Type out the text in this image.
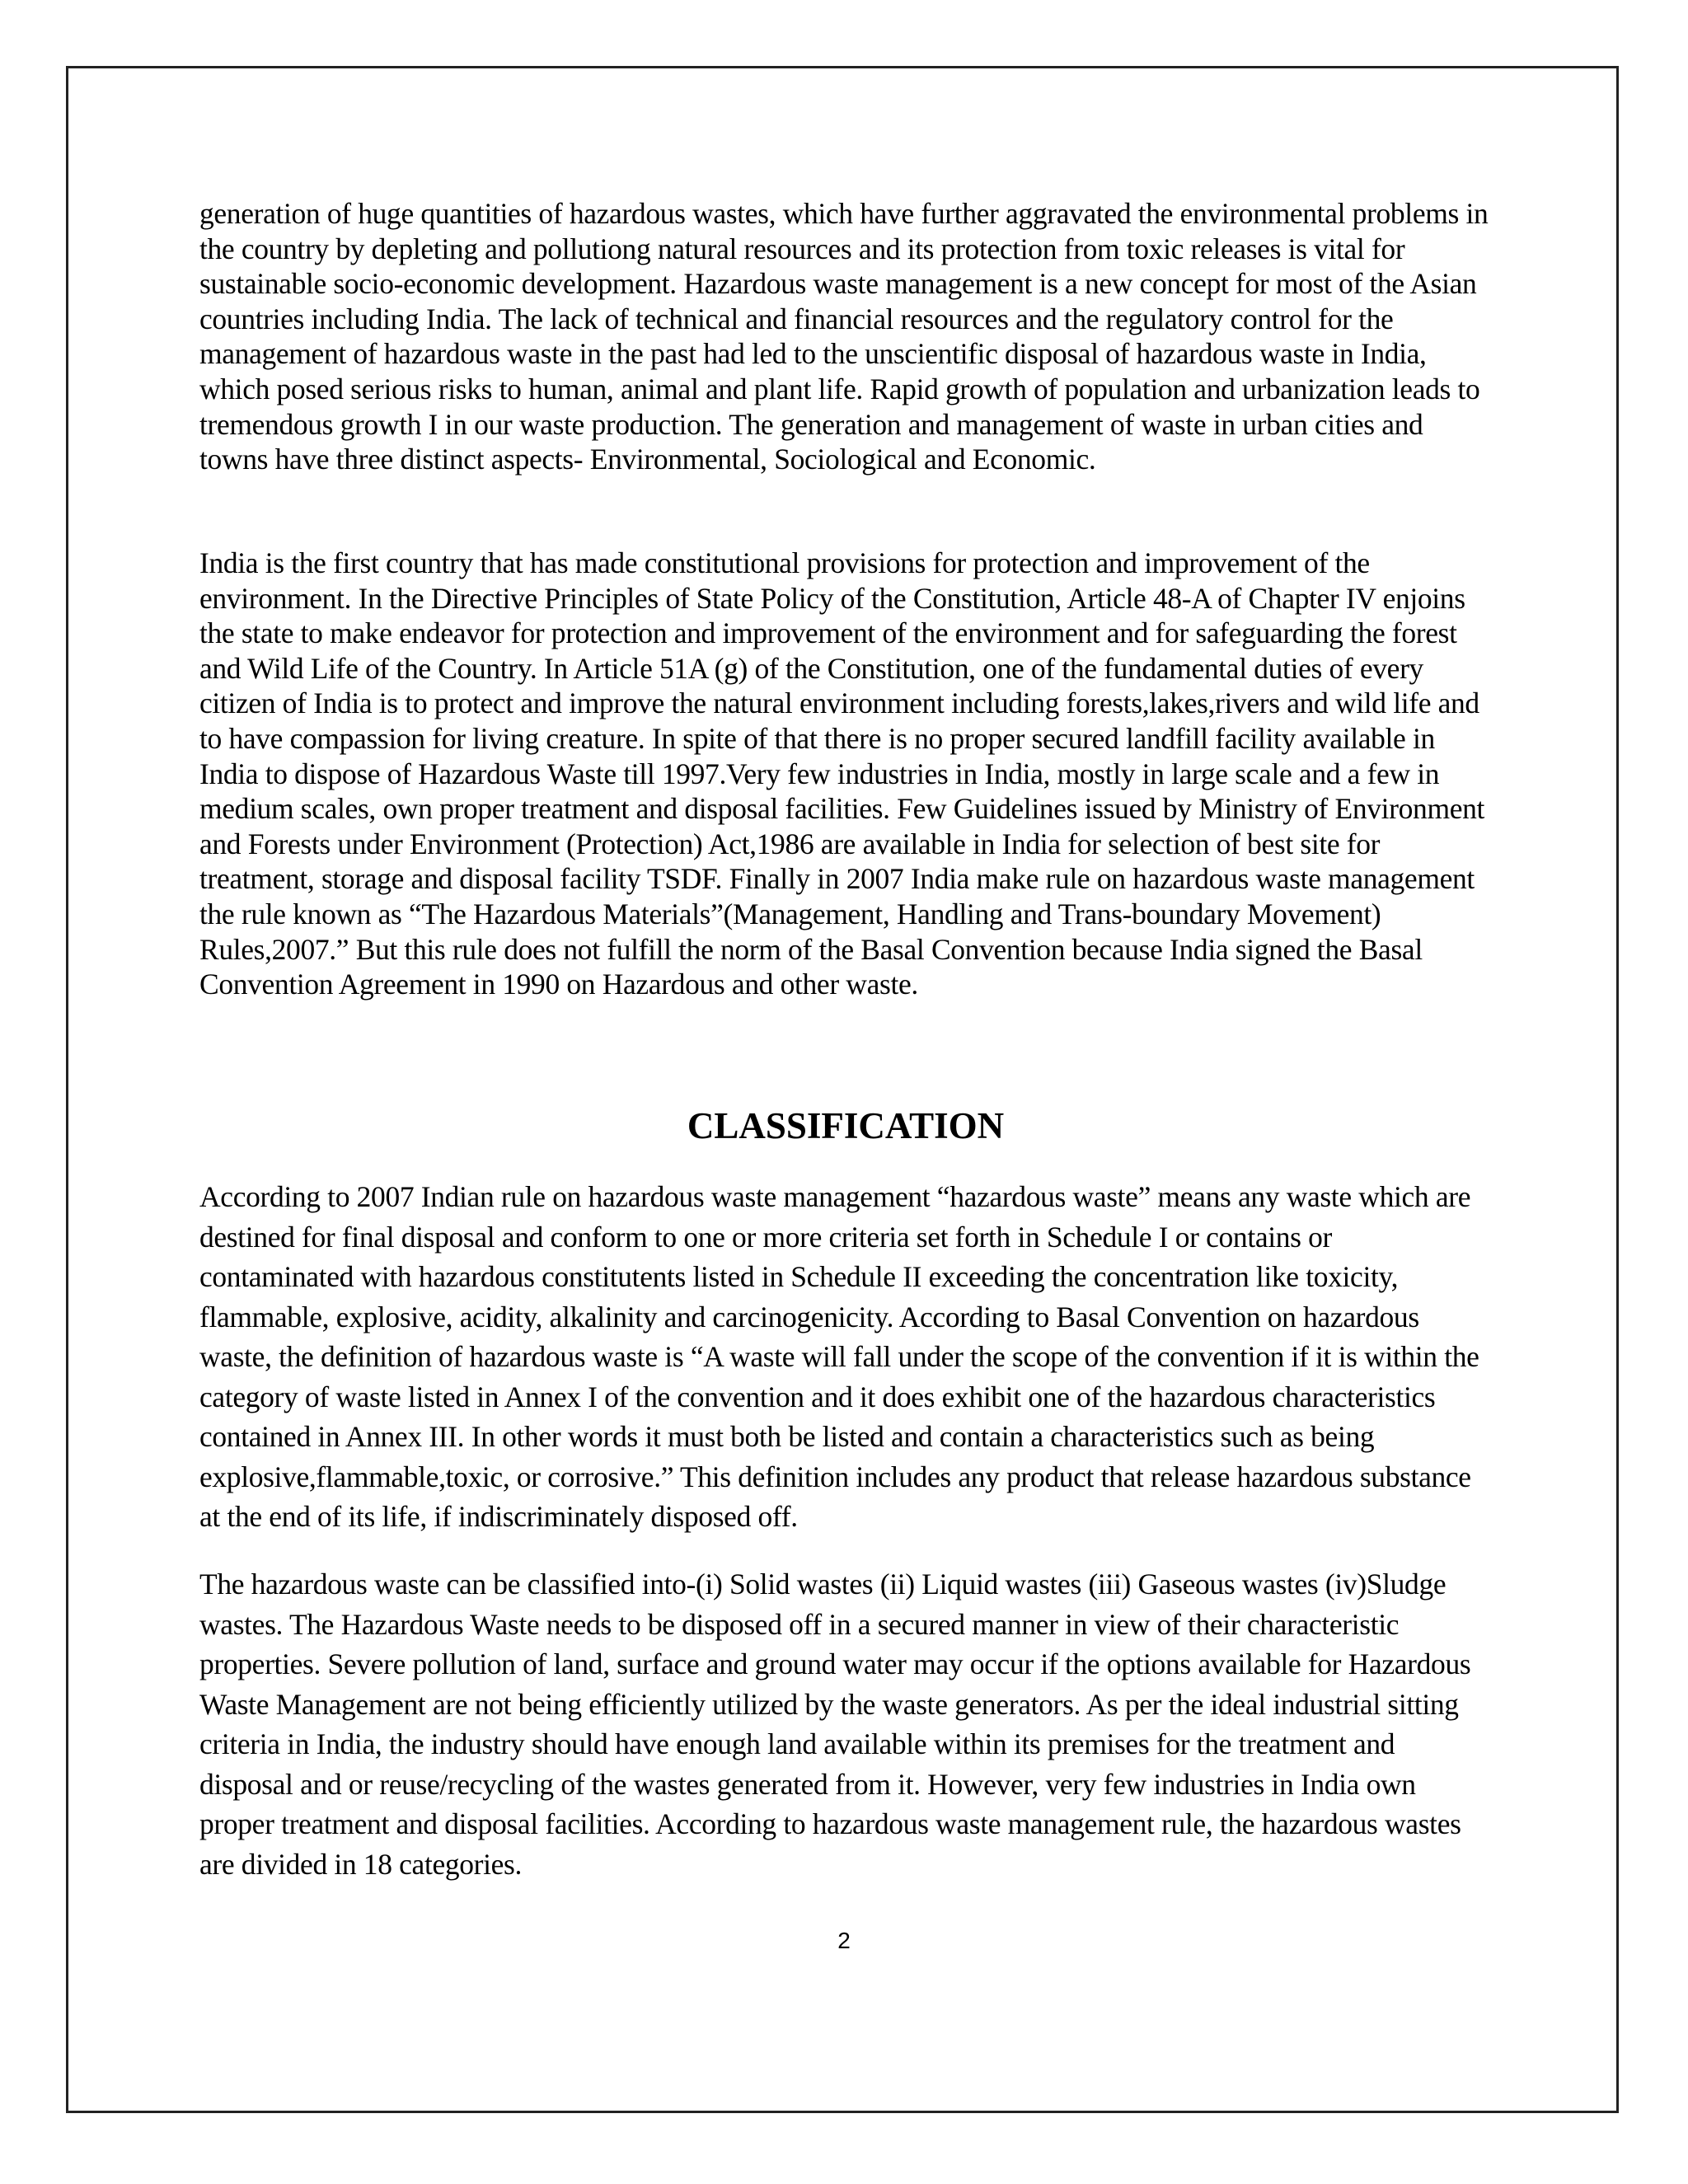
generation of huge quantities of hazardous wastes, which have further aggravated the environmental problems in the country by depleting and pollutiong natural resources and its protection from toxic releases is vital for sustainable socio-economic development. Hazardous waste management is a new concept for most of the Asian countries including India. The lack of technical and financial resources and the regulatory control for the management of hazardous waste in the past had led to the unscientific disposal of hazardous waste in India, which posed serious risks to human, animal and plant life. Rapid growth of population and urbanization leads to tremendous growth I in our waste production. The generation and management of waste in urban cities and towns have three distinct aspects- Environmental, Sociological and Economic.

India is the first country that has made constitutional provisions for protection and improvement of the environment. In the Directive Principles of State Policy of the Constitution, Article 48-A of Chapter IV enjoins the state to make endeavor for protection and improvement of the environment and for safeguarding the forest and Wild Life of the Country. In Article 51A (g) of the Constitution, one of the fundamental duties of every citizen of India is to protect and improve the natural environment including forests,lakes,rivers and wild life and to have compassion for living creature. In spite of that there is no proper secured landfill facility available in India to dispose of Hazardous Waste till 1997.Very few industries in India, mostly in large scale and a few in medium scales, own proper treatment and disposal facilities. Few Guidelines issued by Ministry of Environment and Forests under Environment (Protection) Act,1986 are available in India for selection of best site for treatment, storage and disposal facility TSDF. Finally in 2007 India make rule on hazardous waste management the rule known as “The Hazardous Materials”(Management, Handling and Trans-boundary Movement) Rules,2007.” But this rule does not fulfill the norm of the Basal Convention because India signed the Basal Convention Agreement in 1990 on Hazardous and other waste.

CLASSIFICATION

According to 2007 Indian rule on hazardous waste management “hazardous waste” means any waste which are destined for final disposal and conform to one or more criteria set forth in Schedule I or contains or contaminated with hazardous constitutents listed in Schedule II exceeding the concentration like toxicity, flammable, explosive, acidity, alkalinity and carcinogenicity. According to Basal Convention on hazardous waste, the definition of hazardous waste is “A waste will fall under the scope of the convention if it is within the category of waste listed in Annex I of the convention and it does exhibit one of the hazardous characteristics contained in Annex III. In other words it must both be listed and contain a characteristics such as being explosive,flammable,toxic, or corrosive.” This definition includes any product that release hazardous substance at the end of its life, if indiscriminately disposed off.

The hazardous waste can be classified into-(i) Solid wastes (ii) Liquid wastes (iii) Gaseous wastes (iv)Sludge wastes. The Hazardous Waste needs to be disposed off in a secured manner in view of their characteristic properties. Severe pollution of land, surface and ground water may occur if the options available for Hazardous Waste Management are not being efficiently utilized by the waste generators. As per the ideal industrial sitting criteria in India, the industry should have enough land available within its premises for the treatment and disposal and or reuse/recycling of the wastes generated from it. However, very few industries in India own proper treatment and disposal facilities. According to hazardous waste management rule, the hazardous wastes are divided in 18 categories.

2
